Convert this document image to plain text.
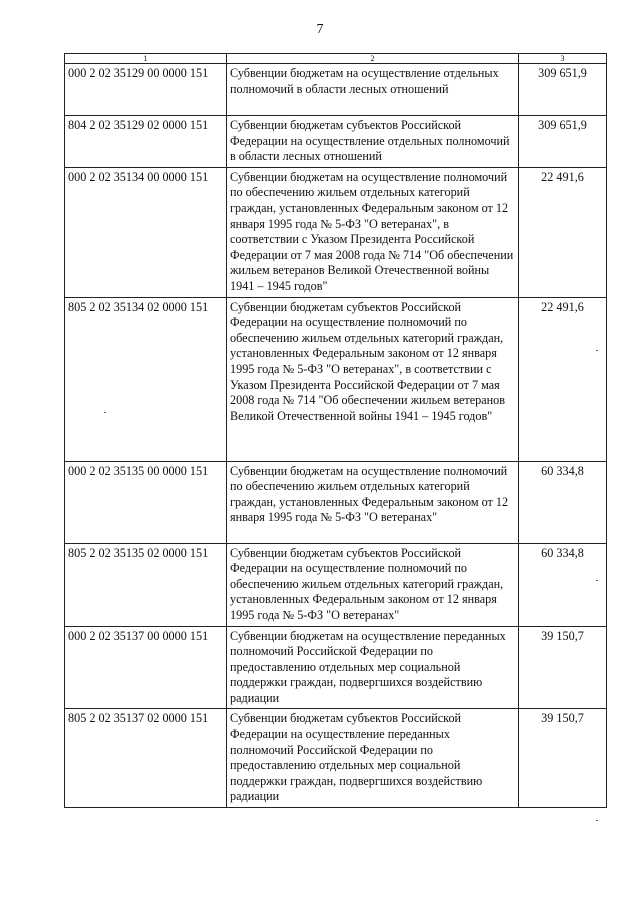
7
1	2	3
000 2 02 35129 00 0000 151	Субвенции бюджетам на осуществление отдельных полномочий в области лесных отношений	309 651,9
804 2 02 35129 02 0000 151	Субвенции бюджетам субъектов Российской Федерации на осуществление отдельных полномочий в области лесных отношений	309 651,9
000 2 02 35134 00 0000 151	Субвенции бюджетам на осуществление полномочий по обеспечению жильем отдельных категорий граждан, установленных Федеральным законом от 12 января 1995 года № 5-ФЗ "О ветеранах", в соответствии с Указом Президента Российской Федерации от 7 мая 2008 года № 714 "Об обеспечении жильем ветеранов Великой Отечественной войны 1941 – 1945 годов"	22 491,6
805 2 02 35134 02 0000 151	Субвенции бюджетам субъектов Российской Федерации на осуществление полномочий по обеспечению жильем отдельных категорий граждан, установленных Федеральным законом от 12 января 1995 года № 5-ФЗ "О ветеранах", в соответствии с Указом Президента Российской Федерации от 7 мая 2008 года № 714 "Об обеспечении жильем ветеранов Великой Отечественной войны 1941 – 1945 годов"	22 491,6
000 2 02 35135 00 0000 151	Субвенции бюджетам на осуществление полномочий по обеспечению жильем отдельных категорий граждан, установленных Федеральным законом от 12 января 1995 года № 5-ФЗ "О ветеранах"	60 334,8
805 2 02 35135 02 0000 151	Субвенции бюджетам субъектов Российской Федерации на осуществление полномочий по обеспечению жильем отдельных категорий граждан, установленных Федеральным законом от 12 января 1995 года № 5-ФЗ "О ветеранах"	60 334,8
000 2 02 35137 00 0000 151	Субвенции бюджетам на осуществление переданных полномочий Российской Федерации по предоставлению отдельных мер социальной поддержки граждан, подвергшихся воздействию радиации	39 150,7
805 2 02 35137 02 0000 151	Субвенции бюджетам субъектов Российской Федерации на осуществление переданных полномочий Российской Федерации по предоставлению отдельных мер социальной поддержки граждан, подвергшихся воздействию радиации	39 150,7
